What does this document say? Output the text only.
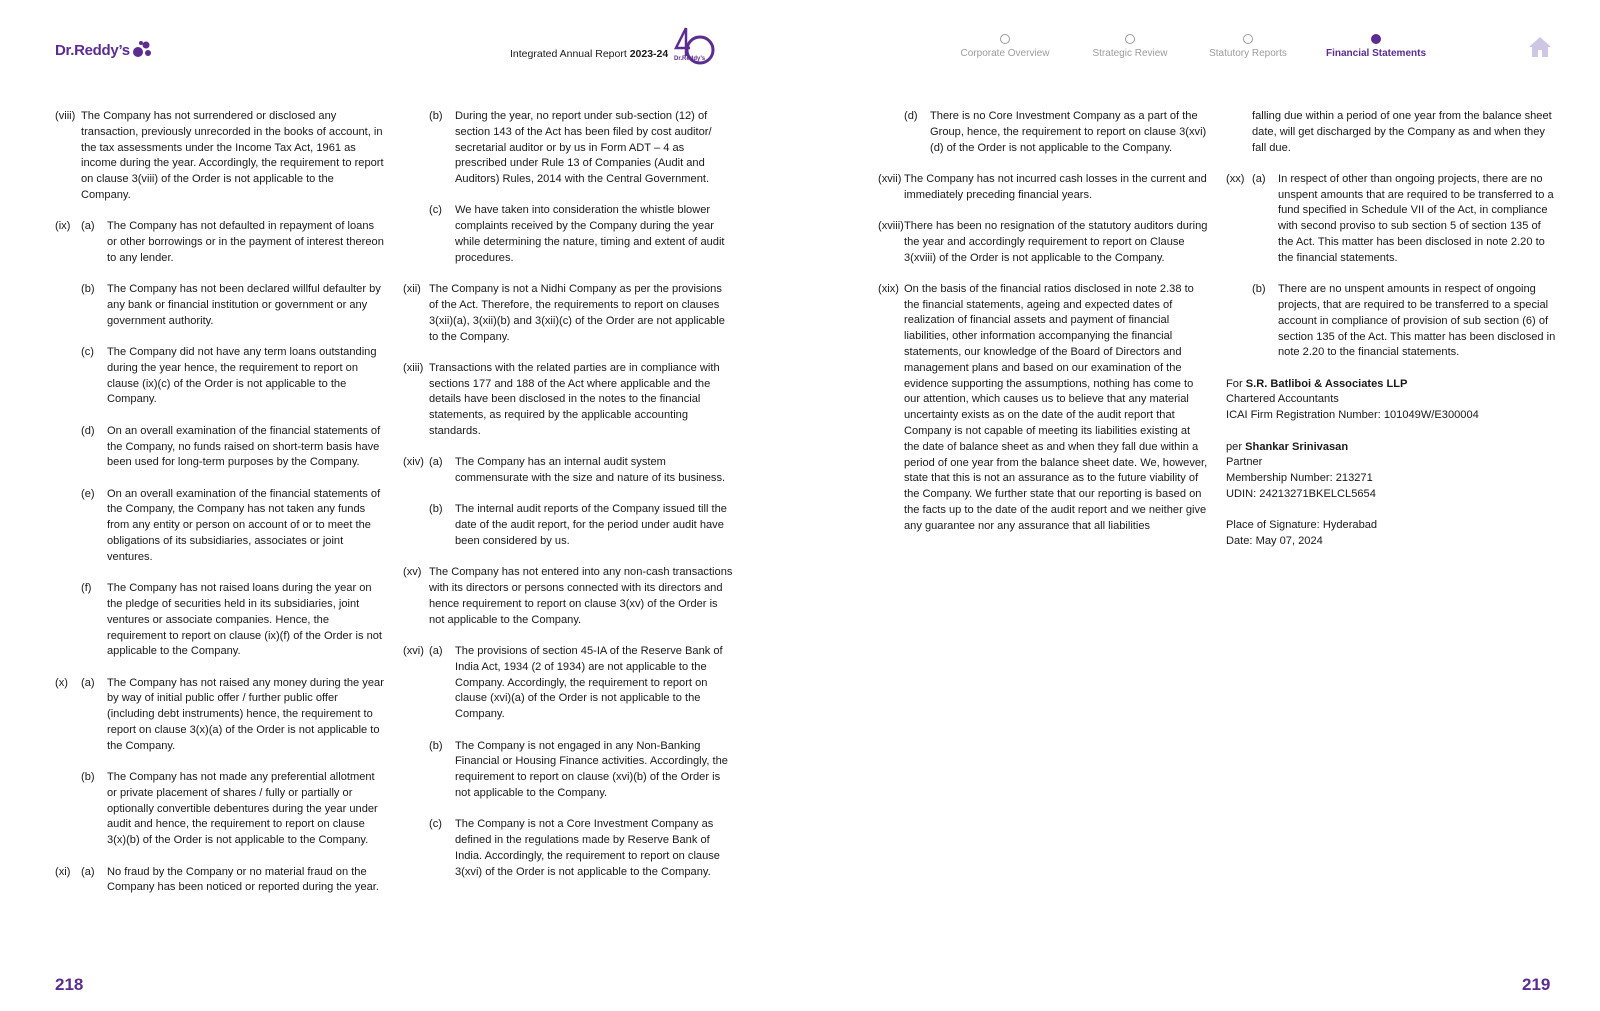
Dr.Reddy’s	Integrated Annual Report 2023-24 Dr.Reddy’s	Corporate Overview	Strategic Review	Statutory Reports	Financial Statements
(viii) The Company has not surrendered or disclosed any transaction, previously unrecorded in the books of account, in the tax assessments under the Income Tax Act, 1961 as income during the year. Accordingly, the requirement to report on clause 3(viii) of the Order is not applicable to the Company.
(ix) (a)	The Company has not defaulted in repayment of loans or other borrowings or in the payment of interest thereon to any lender.
(b)	The Company has not been declared willful defaulter by any bank or financial institution or government or any government authority.
(c)	The Company did not have any term loans outstanding during the year hence, the requirement to report on clause (ix)(c) of the Order is not applicable to the Company.
(d)	On an overall examination of the financial statements of the Company, no funds raised on short-term basis have been used for long-term purposes by the Company.
(e)	On an overall examination of the financial statements of the Company, the Company has not taken any funds from any entity or person on account of or to meet the obligations of its subsidiaries, associates or joint ventures.
(f)	The Company has not raised loans during the year on the pledge of securities held in its subsidiaries, joint ventures or associate companies. Hence, the requirement to report on clause (ix)(f) of the Order is not applicable to the Company.
(x)	(a)	The Company has not raised any money during the year by way of initial public offer / further public offer (including debt instruments) hence, the requirement to report on clause 3(x)(a) of the Order is not applicable to the Company.
(b)	The Company has not made any preferential allotment or private placement of shares / fully or partially or optionally convertible debentures during the year under audit and hence, the requirement to report on clause 3(x)(b) of the Order is not applicable to the Company.
(xi) (a)	No fraud by the Company or no material fraud on the Company has been noticed or reported during the year.
(b)	During the year, no report under sub-section (12) of section 143 of the Act has been filed by cost auditor/ secretarial auditor or by us in Form ADT – 4 as prescribed under Rule 13 of Companies (Audit and Auditors) Rules, 2014 with the Central Government.
(c)	We have taken into consideration the whistle blower complaints received by the Company during the year while determining the nature, timing and extent of audit procedures.
(xii) The Company is not a Nidhi Company as per the provisions of the Act. Therefore, the requirements to report on clauses 3(xii)(a), 3(xii)(b) and 3(xii)(c) of the Order are not applicable to the Company.
(xiii) Transactions with the related parties are in compliance with sections 177 and 188 of the Act where applicable and the details have been disclosed in the notes to the financial statements, as required by the applicable accounting standards.
(xiv) (a)	The Company has an internal audit system commensurate with the size and nature of its business.
(b)	The internal audit reports of the Company issued till the date of the audit report, for the period under audit have been considered by us.
(xv) The Company has not entered into any non-cash transactions with its directors or persons connected with its directors and hence requirement to report on clause 3(xv) of the Order is not applicable to the Company.
(xvi) (a)	The provisions of section 45-IA of the Reserve Bank of India Act, 1934 (2 of 1934) are not applicable to the Company. Accordingly, the requirement to report on clause (xvi)(a) of the Order is not applicable to the Company.
(b)	The Company is not engaged in any Non-Banking Financial or Housing Finance activities. Accordingly, the requirement to report on clause (xvi)(b) of the Order is not applicable to the Company.
(c)	The Company is not a Core Investment Company as defined in the regulations made by Reserve Bank of India. Accordingly, the requirement to report on clause 3(xvi) of the Order is not applicable to the Company.
(d)	There is no Core Investment Company as a part of the Group, hence, the requirement to report on clause 3(xvi)(d) of the Order is not applicable to the Company.
(xvii) The Company has not incurred cash losses in the current and immediately preceding financial years.
(xviii) There has been no resignation of the statutory auditors during the year and accordingly requirement to report on Clause 3(xviii) of the Order is not applicable to the Company.
(xix) On the basis of the financial ratios disclosed in note 2.38 to the financial statements, ageing and expected dates of realization of financial assets and payment of financial liabilities, other information accompanying the financial statements, our knowledge of the Board of Directors and management plans and based on our examination of the evidence supporting the assumptions, nothing has come to our attention, which causes us to believe that any material uncertainty exists as on the date of the audit report that Company is not capable of meeting its liabilities existing at the date of balance sheet as and when they fall due within a period of one year from the balance sheet date. We, however, state that this is not an assurance as to the future viability of the Company. We further state that our reporting is based on the facts up to the date of the audit report and we neither give any guarantee nor any assurance that all liabilities
falling due within a period of one year from the balance sheet date, will get discharged by the Company as and when they fall due.
(xx) (a)	In respect of other than ongoing projects, there are no unspent amounts that are required to be transferred to a fund specified in Schedule VII of the Act, in compliance with second proviso to sub section 5 of section 135 of the Act. This matter has been disclosed in note 2.20 to the financial statements.
(b)	There are no unspent amounts in respect of ongoing projects, that are required to be transferred to a special account in compliance of provision of sub section (6) of section 135 of the Act. This matter has been disclosed in note 2.20 to the financial statements.

For S.R. Batliboi & Associates LLP

Chartered Accountants

ICAI Firm Registration Number: 101049W/E300004

per Shankar Srinivasan

Partner

Membership Number: 213271

UDIN: 24213271BKELCL5654

Place of Signature: Hyderabad

Date: May 07, 2024

218	219
